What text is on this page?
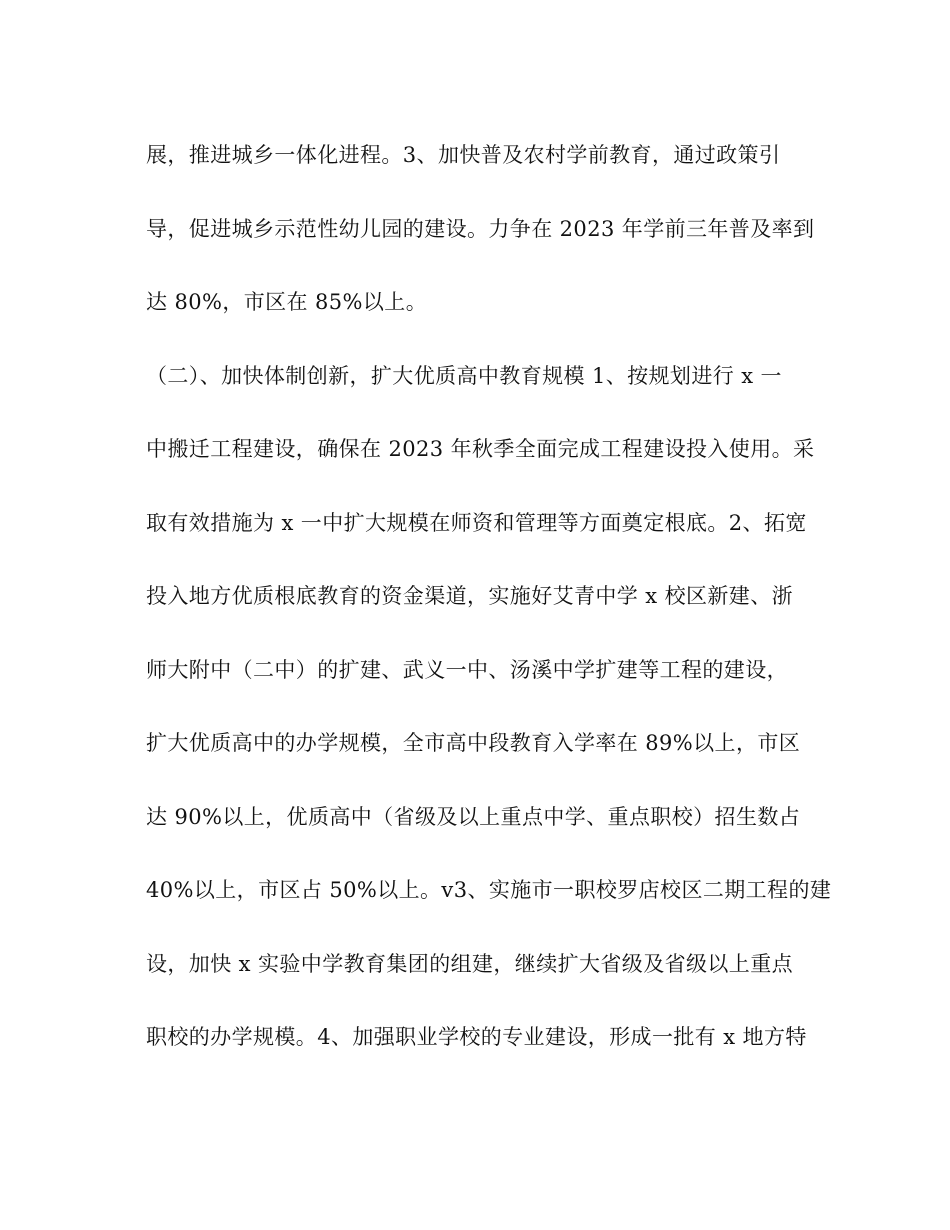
展，推进城乡一体化进程。3、加快普及农村学前教育，通过政策引
导，促进城乡示范性幼儿园的建设。力争在 2023 年学前三年普及率到
达 80%，市区在 85%以上。
（二）、加快体制创新，扩大优质高中教育规模 1、按规划进行 x 一
中搬迁工程建设，确保在 2023 年秋季全面完成工程建设投入使用。采
取有效措施为 x 一中扩大规模在师资和管理等方面奠定根底。2、拓宽
投入地方优质根底教育的资金渠道，实施好艾青中学 x 校区新建、浙
师大附中（二中）的扩建、武义一中、汤溪中学扩建等工程的建设，
扩大优质高中的办学规模，全市高中段教育入学率在 89%以上，市区
达 90%以上，优质高中（省级及以上重点中学、重点职校）招生数占
40%以上，市区占 50%以上。v3、实施市一职校罗店校区二期工程的建
设，加快 x 实验中学教育集团的组建，继续扩大省级及省级以上重点
职校的办学规模。4、加强职业学校的专业建设，形成一批有 x 地方特
